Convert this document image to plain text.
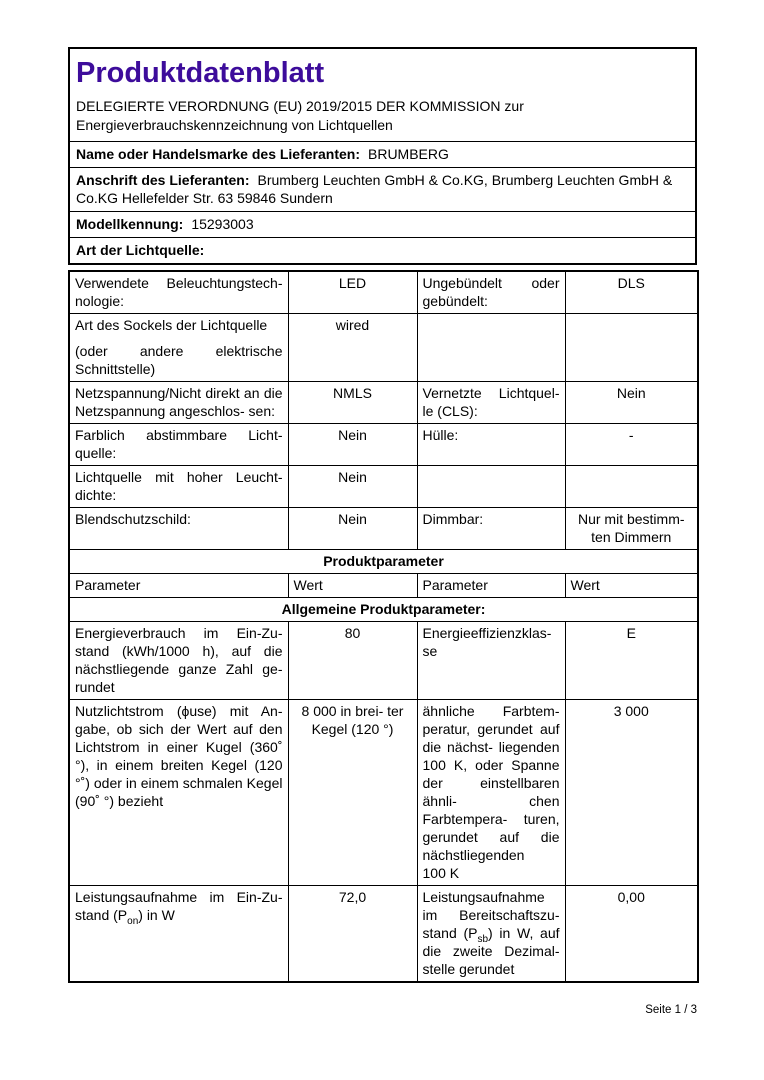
Produktdatenblatt
DELEGIERTE VERORDNUNG (EU) 2019/2015 DER KOMMISSION zur
Energieverbrauchskennzeichnung von Lichtquellen

Name oder Handelsmarke des Lieferanten: BRUMBERG
Anschrift des Lieferanten: Brumberg Leuchten GmbH & Co.KG, Brumberg Leuchten GmbH & Co.KG Hellefelder Str. 63 59846 Sundern
Modellkennung: 15293003
Art der Lichtquelle:
Verwendete Beleuchtungstech- nologie:	LED	Ungebündelt oder gebündelt:	DLS

Art des Sockels der Lichtquelle
(oder andere elektrische Schnittstelle)	wired		
Netzspannung/Nicht direkt an die Netzspannung angeschlos- sen:	NMLS	Vernetzte Lichtquel- le (CLS):	Nein
Farblich abstimmbare Licht- quelle:	Nein	Hülle:	-
Lichtquelle mit hoher Leucht- dichte:	Nein		
Blendschutzschild:	Nein	Dimmbar:	Nur mit bestimm- ten Dimmern
Produktparameter			
Parameter	Wert	Parameter	Wert
Allgemeine Produktparameter:			
Energieverbrauch im Ein-Zu- stand (kWh/1000 h), auf die nächstliegende ganze Zahl ge- rundet	80	Energieeffizienzklas- se	E
Nutzlichtstrom (ϕuse) mit An- gabe, ob sich der Wert auf den Lichtstrom in einer Kugel (360˚ °), in einem breiten Kegel (120 °˚) oder in einem schmalen Kegel (90˚ °) bezieht	8 000 in brei- ter Kegel (120 °)	ähnliche Farbtem- peratur, gerundet auf die nächst- liegenden 100 K, oder Spanne der einstellbaren ähnli- chen Farbtempera- turen, gerundet auf die nächstliegenden 100 K	3 000
Leistungsaufnahme im Ein-Zu- stand $(P_{on})$ in W	72,0	Leistungsaufnahme im Bereitschaftszu- stand $(P_{sb})$ in W, auf die zweite Dezimal- stelle gerundet	0,00
Seite 1 / 3
